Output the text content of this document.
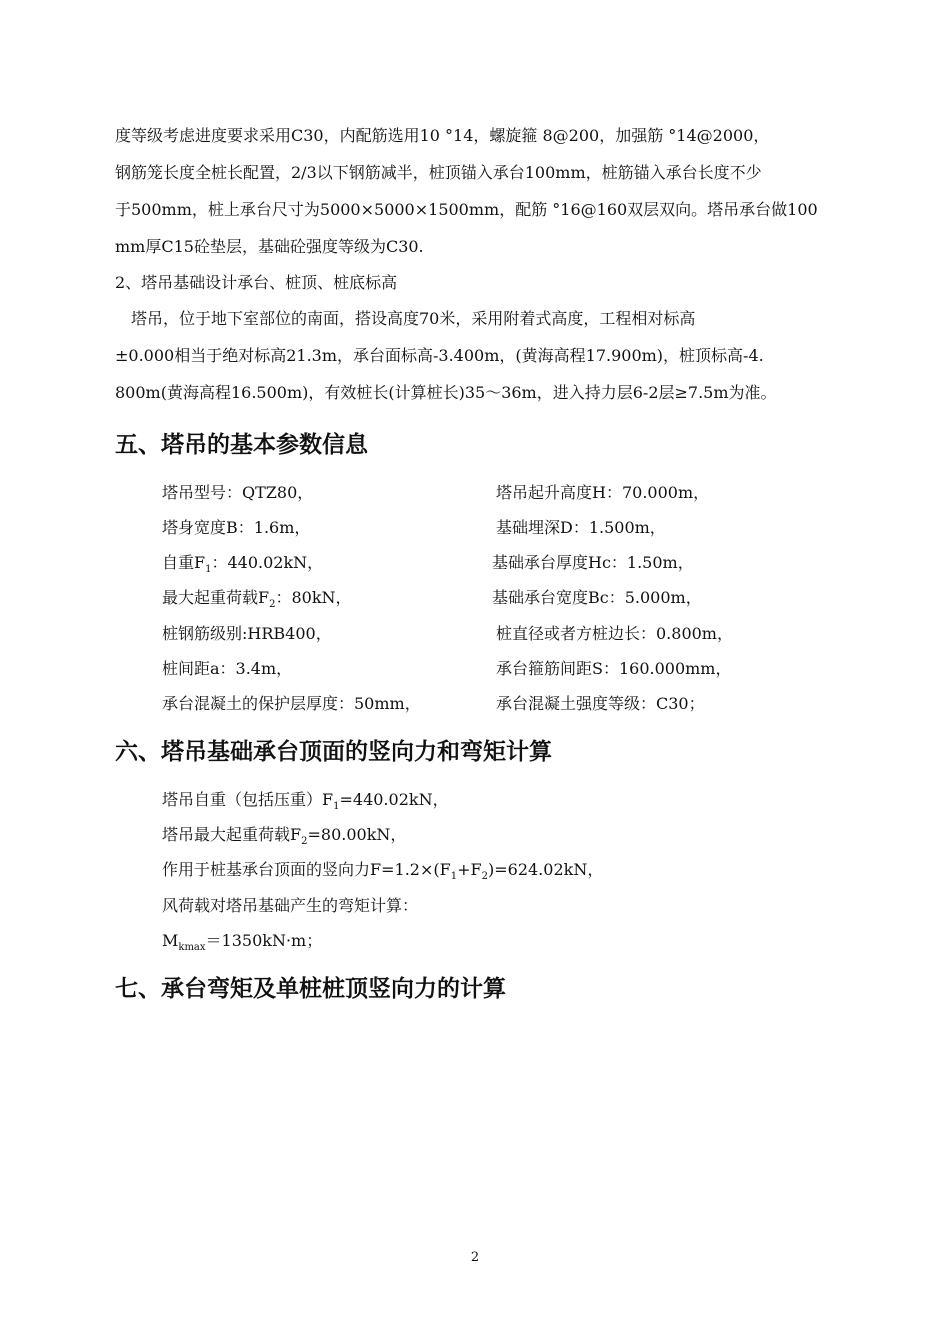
度等级考虑进度要求采用C30，内配筋选用10 °14，螺旋箍 8@200，加强筋 °14@2000，
钢筋笼长度全桩长配置，2/3以下钢筋减半，桩顶锚入承台100mm，桩筋锚入承台长度不少
于500mm，桩上承台尺寸为5000×5000×1500mm，配筋 °16@160双层双向。塔吊承台做100
mm厚C15砼垫层，基础砼强度等级为C30.
2、塔吊基础设计承台、桩顶、桩底标高
塔吊，位于地下室部位的南面，搭设高度70米，采用附着式高度，工程相对标高
±0.000相当于绝对标高21.3m，承台面标高-3.400m，(黄海高程17.900m)，桩顶标高-4.
800m(黄海高程16.500m)，有效桩长(计算桩长)35～36m，进入持力层6-2层≥7.5m为准。
五、塔吊的基本参数信息
塔吊型号：QTZ80，	塔吊起升高度H：70.000m，
塔身宽度B：1.6m，	基础埋深D：1.500m，
自重$F_1$：440.02kN，	基础承台厚度Hc：1.50m，
最大起重荷载$F_2$：80kN，	基础承台宽度Bc：5.000m，
桩钢筋级别:HRB400，	桩直径或者方桩边长：0.800m，
桩间距a：3.4m，	承台箍筋间距S：160.000mm，
承台混凝土的保护层厚度：50mm，	承台混凝土强度等级：C30；
六、塔吊基础承台顶面的竖向力和弯矩计算
塔吊自重（包括压重）$F_1=440.02kN$，
塔吊最大起重荷载$F_2=80.00kN$，
作用于桩基承台顶面的竖向力$F=1.2\times(F_1+F_2)=624.02kN$，
风荷载对塔吊基础产生的弯矩计算：
$M_{kmax}=1350kN\cdot m$；
七、承台弯矩及单桩桩顶竖向力的计算
2
